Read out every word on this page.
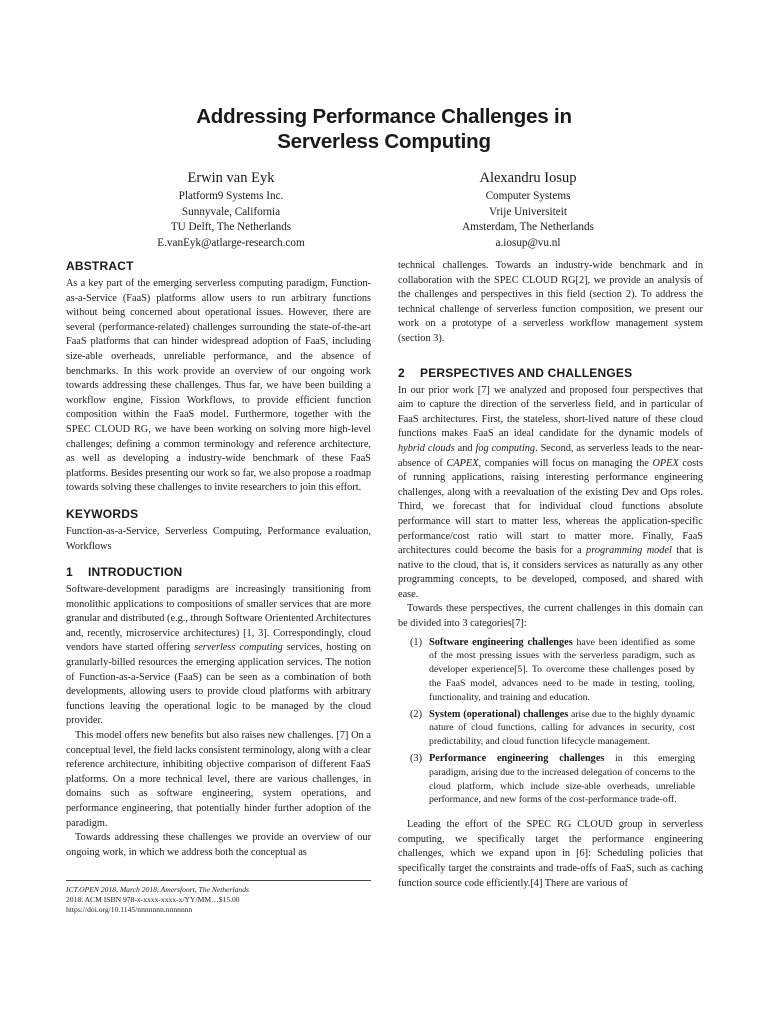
Addressing Performance Challenges in
Serverless Computing
Erwin van Eyk
Platform9 Systems Inc.
Sunnyvale, California
TU Delft, The Netherlands
E.vanEyk@atlarge-research.com
Alexandru Iosup
Computer Systems
Vrije Universiteit
Amsterdam, The Netherlands
a.iosup@vu.nl
ABSTRACT

As a key part of the emerging serverless computing paradigm, Function-as-a-Service (FaaS) platforms allow users to run arbitrary functions without being concerned about operational issues. However, there are several (performance-related) challenges surrounding the state-of-the-art FaaS platforms that can hinder widespread adoption of FaaS, including size-able overheads, unreliable performance, and the absence of benchmarks. In this work provide an overview of our ongoing work towards addressing these challenges. Thus far, we have been building a workflow engine, Fission Workflows, to provide efficient function composition within the FaaS model. Furthermore, together with the SPEC CLOUD RG, we have been working on solving more high-level challenges; defining a common terminology and reference architecture, as well as developing a industry-wide benchmark of these FaaS platforms. Besides presenting our work so far, we also propose a roadmap towards solving these challenges to invite researchers to join this effort.

KEYWORDS

Function-as-a-Service, Serverless Computing, Performance evaluation, Workflows

1 INTRODUCTION

Software-development paradigms are increasingly transitioning from monolithic applications to compositions of smaller services that are more granular and distributed (e.g., through Software Orientented Architectures and, recently, microservice architectures) [1, 3]. Correspondingly, cloud vendors have started offering serverless computing services, hosting on granularly-billed resources the emerging application services. The notion of Function-as-a-Service (FaaS) can be seen as a combination of both developments, allowing users to provide cloud platforms with arbitrary functions leaving the operational logic to be managed by the cloud provider.

This model offers new benefits but also raises new challenges. [7] On a conceptual level, the field lacks consistent terminology, along with a clear reference architecture, inhibiting objective comparison of different FaaS platforms. On a more technical level, there are various challenges, in domains such as software engineering, system operations, and performance engineering, that potentially hinder further adoption of the paradigm.

Towards addressing these challenges we provide an overview of our ongoing work, in which we address both the conceptual as

ICT.OPEN 2018, March 2018, Amersfoort, The Netherlands
2018. ACM ISBN 978-x-xxxx-xxxx-x/YY/MM…$15.00
https://doi.org/10.1145/nnnnnnn.nnnnnnn

technical challenges. Towards an industry-wide benchmark and in collaboration with the SPEC CLOUD RG[2], we provide an analysis of the challenges and perspectives in this field (section 2). To address the technical challenge of serverless function composition, we present our work on a prototype of a serverless workflow management system (section 3).

2 PERSPECTIVES AND CHALLENGES

In our prior work [7] we analyzed and proposed four perspectives that aim to capture the direction of the serverless field, and in particular of FaaS architectures. First, the stateless, short-lived nature of these cloud functions makes FaaS an ideal candidate for the dynamic models of hybrid clouds and fog computing. Second, as serverless leads to the near-absence of CAPEX, companies will focus on managing the OPEX costs of running applications, raising interesting performance engineering challenges, along with a reevaluation of the existing Dev and Ops roles. Third, we forecast that for individual cloud functions absolute performance will start to matter less, whereas the application-specific performance/cost ratio will start to matter more. Finally, FaaS architectures could become the basis for a programming model that is native to the cloud, that is, it considers services as naturally as any other programming concepts, to be developed, composed, and shared with ease.

Towards these perspectives, the current challenges in this domain can be divided into 3 categories[7]:

(1) Software engineering challenges have been identified as some of the most pressing issues with the serverless paradigm, such as developer experience[5]. To overcome these challenges posed by the FaaS model, advances need to be made in testing, tooling, functionality, and training and education.
(2) System (operational) challenges arise due to the highly dynamic nature of cloud functions, calling for advances in security, cost predictability, and cloud function lifecycle management.
(3) Performance engineering challenges in this emerging paradigm, arising due to the increased delegation of concerns to the cloud platform, which include size-able overheads, unreliable performance, and new forms of the cost-performance trade-off.

Leading the effort of the SPEC RG CLOUD group in serverless computing, we specifically target the performance engineering challenges, which we expand upon in [6]: Scheduling policies that specifically target the constraints and trade-offs of FaaS, such as caching function source code efficiently.[4] There are various of
